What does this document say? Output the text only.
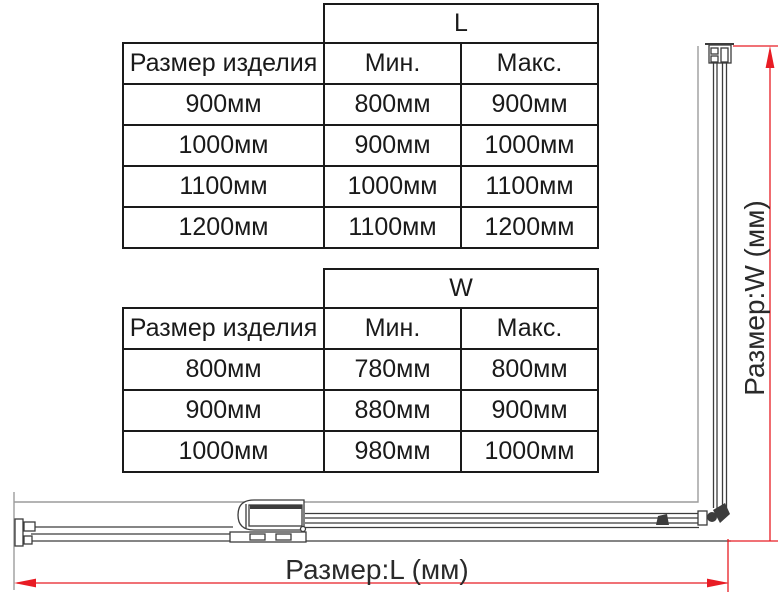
Размер:L (мм)
Размер:W (мм)
	L	
Размер изделия	Мин.	Макс.
900мм	800мм	900мм
1000мм	900мм	1000мм
1100мм	1000мм	1100мм
1200мм	1100мм	1200мм
	W	
Размер изделия	Мин.	Макс.
800мм	780мм	800мм
900мм	880мм	900мм
1000мм	980мм	1000мм
